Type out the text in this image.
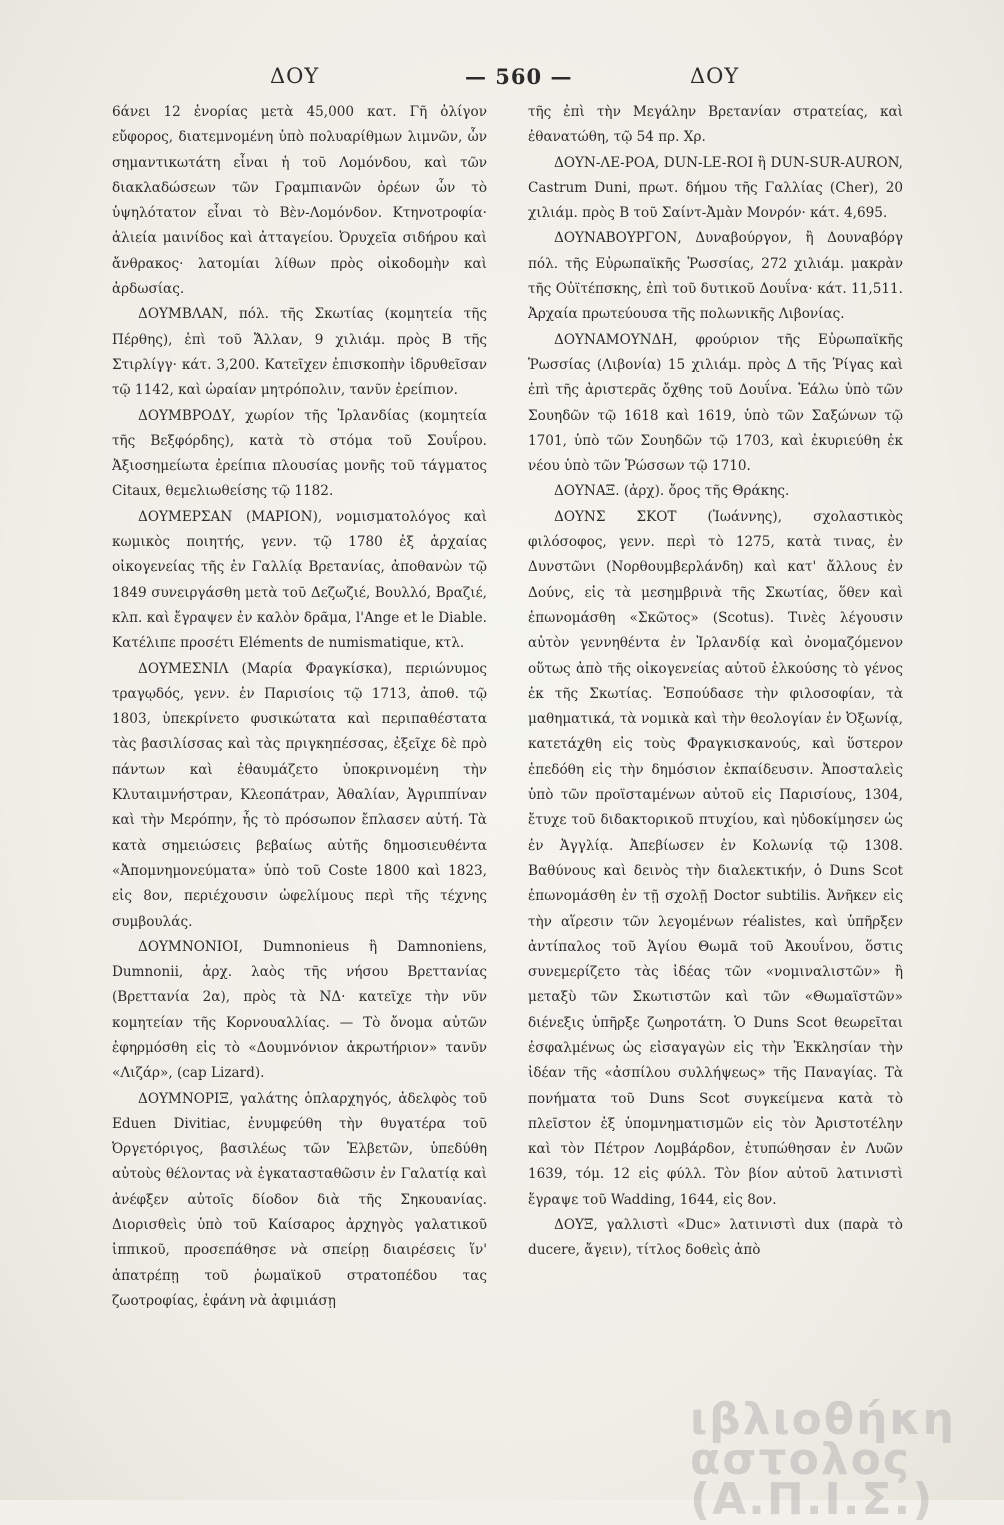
ΔΟΥ	— 560 —	ΔΟΥ

6άνει 12 ἐνορίας μετὰ 45,000 κατ. Γῆ ὀλίγον εὔφορος, διατεμνομένη ὑπὸ πολυαρίθμων λιμνῶν, ὧν σημαντικωτάτη εἶναι ἡ τοῦ Λομόνδου, καὶ τῶν διακλαδώσεων τῶν Γραμπιανῶν ὀρέων ὧν τὸ ὑψηλότατον εἶναι τὸ Βὲν-Λομόνδον. Κτηνοτροφία· ἁλιεία μαινίδος καὶ ἀτταγείου. Ὀρυχεῖα σιδήρου καὶ ἄνθρακος· λατομίαι λίθων πρὸς οἰκοδομὴν καὶ ἀρδωσίας.

ΔΟΥΜΒΛΑΝ, πόλ. τῆς Σκωτίας (κομητεία τῆς Πέρθης), ἐπὶ τοῦ Ἄλλαν, 9 χιλιάμ. πρὸς Β τῆς Στιρλίγγ· κάτ. 3,200. Κατεῖχεν ἐπισκοπὴν ἱδρυθεῖσαν τῷ 1142, καὶ ὡραίαν μητρόπολιν, τανῦν ἐρείπιον.

ΔΟΥΜΒΡΟΔΥ, χωρίον τῆς Ἰρλανδίας (κομητεία τῆς Βεξφόρδης), κατὰ τὸ στόμα τοῦ Σουΐρου. Ἀξιοσημείωτα ἐρείπια πλουσίας μονῆς τοῦ τάγματος Citaux, θεμελιωθείσης τῷ 1182.

ΔΟΥΜΕΡΣΑΝ (ΜΑΡΙΟΝ), νομισματολόγος καὶ κωμικὸς ποιητής, γενν. τῷ 1780 ἐξ ἀρχαίας οἰκογενείας τῆς ἐν Γαλλίᾳ Βρετανίας, ἀποθανὼν τῷ 1849 συνειργάσθη μετὰ τοῦ Δεζωζιέ, Βουλλό, Βραζιέ, κλπ. καὶ ἔγραψεν ἐν καλὸν δρᾶμα, l'Ange et le Diable. Κατέλιπε προσέτι Eléments de numismatique, κτλ.

ΔΟΥΜΕΣΝΙΛ (Μαρία Φραγκίσκα), περιώνυμος τραγῳδός, γενν. ἐν Παρισίοις τῷ 1713, ἀποθ. τῷ 1803, ὑπεκρίνετο φυσικώτατα καὶ περιπαθέστατα τὰς βασιλίσσας καὶ τὰς πριγκηπέσσας, ἐξεῖχε δὲ πρὸ πάντων καὶ ἐθαυμάζετο ὑποκρινομένη τὴν Κλυταιμνήστραν, Κλεοπάτραν, Ἀθαλίαν, Ἀγριππίναν καὶ τὴν Μερόπην, ἧς τὸ πρόσωπον ἔπλασεν αὐτή. Τὰ κατὰ σημειώσεις βεβαίως αὐτῆς δημοσιευθέντα «Ἀπομνημονεύματα» ὑπὸ τοῦ Coste 1800 καὶ 1823, εἰς 8ον, περιέχουσιν ὠφελίμους περὶ τῆς τέχνης συμβουλάς.

ΔΟΥΜΝΟΝΙΟΙ, Dumnonieus ἢ Damnoniens, Dumnonii, ἀρχ. λαὸς τῆς νήσου Βρεττανίας (Βρεττανία 2α), πρὸς τὰ ΝΔ· κατεῖχε τὴν νῦν κομητείαν τῆς Κορνουαλλίας. — Τὸ ὄνομα αὐτῶν ἐφηρμόσθη εἰς τὸ «Δουμνόνιον ἀκρωτήριον» τανῦν «Λιζάρ», (cap Lizard).

ΔΟΥΜΝΟΡΙΞ, γαλάτης ὁπλαρχηγός, ἀδελφὸς τοῦ Eduen Divitiac, ἐνυμφεύθη τὴν θυγατέρα τοῦ Ὀργετόριγος, βασιλέως τῶν Ἑλβετῶν, ὑπεδύθη αὐτοὺς θέλοντας νὰ ἐγκατασταθῶσιν ἐν Γαλατίᾳ καὶ ἀνέφξεν αὐτοῖς δίοδον διὰ τῆς Σηκουανίας. Διορισθεὶς ὑπὸ τοῦ Καίσαρος ἀρχηγὸς γαλατικοῦ ἱππικοῦ, προσεπάθησε νὰ σπείρῃ διαιρέσεις ἵν' ἀπατρέπῃ τοῦ ῥωμαϊκοῦ στρατοπέδου τας ζωοτροφίας, ἐφάνη νὰ ἀφιμιάσῃ

τῆς ἐπὶ τὴν Μεγάλην Βρετανίαν στρατείας, καὶ ἐθανατώθη, τῷ 54 πρ. Χρ.

ΔΟΥΝ-ΛΕ-ΡΟΑ, DUN-LE-ROI ἢ DUN-SUR-AURON, Castrum Duni, πρωτ. δήμου τῆς Γαλλίας (Cher), 20 χιλιάμ. πρὸς Β τοῦ Σαίντ-Ἀμὰν Μονρόν· κάτ. 4,695.

ΔΟΥΝΑΒΟΥΡΓΟΝ, Δυναβούργον, ἢ Δουναβόργ πόλ. τῆς Εὐρωπαϊκῆς Ῥωσσίας, 272 χιλιάμ. μακρὰν τῆς Οὐϊτέπσκης, ἐπὶ τοῦ δυτικοῦ Δουΐνα· κάτ. 11,511. Ἀρχαία πρωτεύουσα τῆς πολωνικῆς Λιβονίας.

ΔΟΥΝΑΜΟΥΝΔΗ, φρούριον τῆς Εὐρωπαϊκῆς Ῥωσσίας (Λιβονία) 15 χιλιάμ. πρὸς Δ τῆς Ῥίγας καὶ ἐπὶ τῆς ἀριστερᾶς ὄχθης τοῦ Δουΐνα. Ἑάλω ὑπὸ τῶν Σουηδῶν τῷ 1618 καὶ 1619, ὑπὸ τῶν Σαξώνων τῷ 1701, ὑπὸ τῶν Σουηδῶν τῷ 1703, καὶ ἐκυριεύθη ἐκ νέου ὑπὸ τῶν Ῥώσσων τῷ 1710.

ΔΟΥΝΑΞ. (ἀρχ). ὄρος τῆς Θράκης.

ΔΟΥΝΣ ΣΚΟΤ (Ἰωάννης), σχολαστικὸς φιλόσοφος, γενν. περὶ τὸ 1275, κατὰ τινας, ἐν Δυνστῶνι (Νορθουμβερλάνδη) καὶ κατ' ἄλλους ἐν Δούνς, εἰς τὰ μεσημβρινὰ τῆς Σκωτίας, ὅθεν καὶ ἐπωνομάσθη «Σκῶτος» (Scotus). Τινὲς λέγουσιν αὐτὸν γεννηθέντα ἐν Ἰρλανδίᾳ καὶ ὀνομαζόμενον οὕτως ἀπὸ τῆς οἰκογενείας αὐτοῦ ἑλκούσης τὸ γένος ἐκ τῆς Σκωτίας. Ἐσπούδασε τὴν φιλοσοφίαν, τὰ μαθηματικά, τὰ νομικὰ καὶ τὴν θεολογίαν ἐν Ὀξωνίᾳ, κατετάχθη εἰς τοὺς Φραγκισκανούς, καὶ ὕστερον ἐπεδόθη εἰς τὴν δημόσιον ἐκπαίδευσιν. Ἀποσταλεὶς ὑπὸ τῶν προϊσταμένων αὐτοῦ εἰς Παρισίους, 1304, ἔτυχε τοῦ διδακτορικοῦ πτυχίου, καὶ ηὐδοκίμησεν ὡς ἐν Ἀγγλίᾳ. Ἀπεβίωσεν ἐν Κολωνίᾳ τῷ 1308. Βαθύνους καὶ δεινὸς τὴν διαλεκτικήν, ὁ Duns Scot ἐπωνομάσθη ἐν τῇ σχολῇ Doctor subtilis. Ἀνῆκεν εἰς τὴν αἵρεσιν τῶν λεγομένων réalistes, καὶ ὑπῆρξεν ἀντίπαλος τοῦ Ἁγίου Θωμᾶ τοῦ Ἀκουΐνου, ὅστις συνεμερίζετο τὰς ἰδέας τῶν «νομιναλιστῶν» ἢ μεταξὺ τῶν Σκωτιστῶν καὶ τῶν «Θωμαϊστῶν» διένεξις ὑπῆρξε ζωηροτάτη. Ὁ Duns Scot θεωρεῖται ἐσφαλμένως ὡς εἰσαγαγὼν εἰς τὴν Ἐκκλησίαν τὴν ἰδέαν τῆς «ἀσπίλου συλλήψεως» τῆς Παναγίας. Τὰ πονήματα τοῦ Duns Scot συγκείμενα κατὰ τὸ πλεῖστον ἐξ ὑπομνηματισμῶν εἰς τὸν Ἀριστοτέλην καὶ τὸν Πέτρον Λομβάρδον, ἐτυπώθησαν ἐν Λυῶν 1639, τόμ. 12 εἰς φύλλ. Τὸν βίον αὐτοῦ λατινιστὶ ἔγραψε τοῦ Wadding, 1644, εἰς 8ον.

ΔΟΥΞ, γαλλιστὶ «Duc» λατινιστὶ dux (παρὰ τὸ ducere, ἄγειν), τίτλος δοθεὶς ἀπὸ

ιβλιοθήκη
αστολος (Α.Π.Ι.Σ.)
